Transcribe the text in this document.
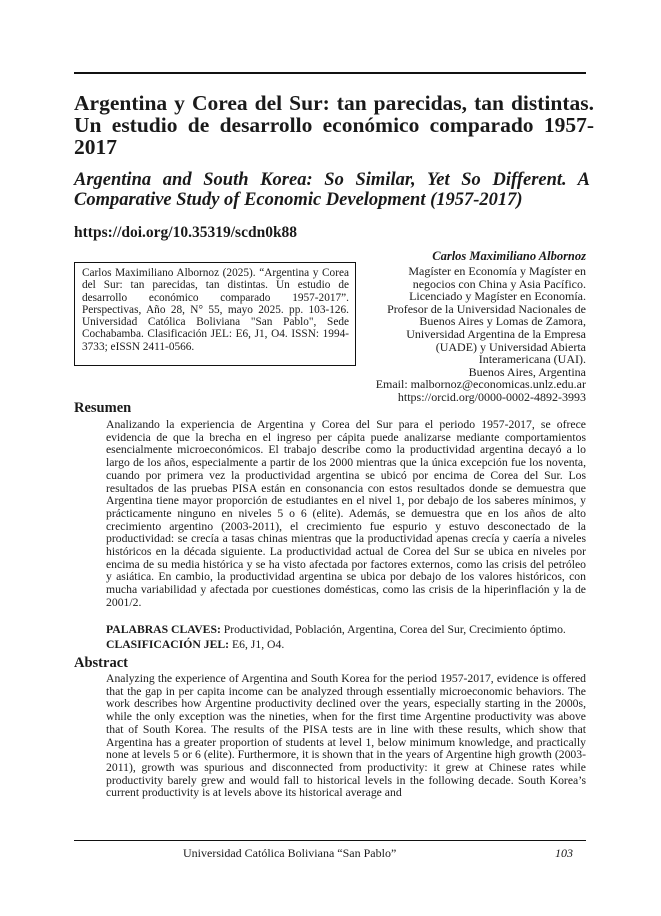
Argentina y Corea del Sur: tan parecidas, tan distintas. Un estudio de desarrollo económico comparado 1957-2017
Argentina and South Korea: So Similar, Yet So Different. A Comparative Study of Economic Development (1957-2017)
https://doi.org/10.35319/scdn0k88
Carlos Maximiliano Albornoz
Magíster en Economía y Magíster en
negocios con China y Asia Pacífico.
Licenciado y Magíster en Economía.
Profesor de la Universidad Nacionales de
Buenos Aires y Lomas de Zamora,
Universidad Argentina de la Empresa
(UADE) y Universidad Abierta
Interamericana (UAI).
Buenos Aires, Argentina
Email: malbornoz@economicas.unlz.edu.ar
https://orcid.org/0000-0002-4892-3993
Carlos Maximiliano Albornoz (2025). “Argentina y Corea del Sur: tan parecidas, tan distintas. Un estudio de desarrollo económico comparado 1957-2017”. Perspectivas, Año 28, N° 55, mayo 2025. pp. 103-126. Universidad Católica Boliviana "San Pablo", Sede Cochabamba. Clasificación JEL: E6, J1, O4. ISSN: 1994-3733; eISSN 2411-0566.
Resumen
Analizando la experiencia de Argentina y Corea del Sur para el periodo 1957-2017, se ofrece evidencia de que la brecha en el ingreso per cápita puede analizarse mediante comportamientos esencialmente microeconómicos. El trabajo describe como la productividad argentina decayó a lo largo de los años, especialmente a partir de los 2000 mientras que la única excepción fue los noventa, cuando por primera vez la productividad argentina se ubicó por encima de Corea del Sur. Los resultados de las pruebas PISA están en consonancia con estos resultados donde se demuestra que Argentina tiene mayor proporción de estudiantes en el nivel 1, por debajo de los saberes mínimos, y prácticamente ninguno en niveles 5 o 6 (elite). Además, se demuestra que en los años de alto crecimiento argentino (2003-2011), el crecimiento fue espurio y estuvo desconectado de la productividad: se crecía a tasas chinas mientras que la productividad apenas crecía y caería a niveles históricos en la década siguiente. La productividad actual de Corea del Sur se ubica en niveles por encima de su media histórica y se ha visto afectada por factores externos, como las crisis del petróleo y asiática. En cambio, la productividad argentina se ubica por debajo de los valores históricos, con mucha variabilidad y afectada por cuestiones domésticas, como las crisis de la hiperinflación y la de 2001/2.
PALABRAS CLAVES: Productividad, Población, Argentina, Corea del Sur, Crecimiento óptimo.
CLASIFICACIÓN JEL: E6, J1, O4.
Abstract
Analyzing the experience of Argentina and South Korea for the period 1957-2017, evidence is offered that the gap in per capita income can be analyzed through essentially microeconomic behaviors. The work describes how Argentine productivity declined over the years, especially starting in the 2000s, while the only exception was the nineties, when for the first time Argentine productivity was above that of South Korea. The results of the PISA tests are in line with these results, which show that Argentina has a greater proportion of students at level 1, below minimum knowledge, and practically none at levels 5 or 6 (elite). Furthermore, it is shown that in the years of Argentine high growth (2003-2011), growth was spurious and disconnected from productivity: it grew at Chinese rates while productivity barely grew and would fall to historical levels in the following decade. South Korea’s current productivity is at levels above its historical average and
Universidad Católica Boliviana “San Pablo”	103
